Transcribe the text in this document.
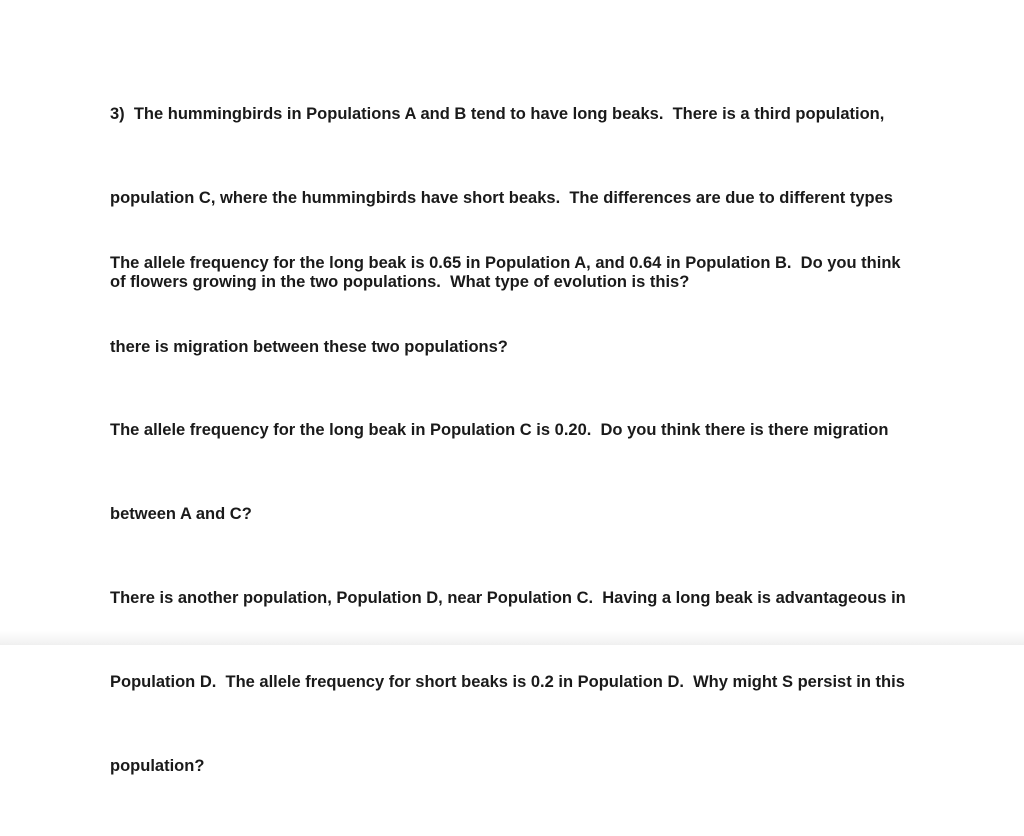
3)  The hummingbirds in Populations A and B tend to have long beaks.  There is a third population,

population C, where the hummingbirds have short beaks.  The differences are due to different types

of flowers growing in the two populations.  What type of evolution is this?

The allele frequency for the long beak is 0.65 in Population A, and 0.64 in Population B.  Do you think

there is migration between these two populations?

The allele frequency for the long beak in Population C is 0.20.  Do you think there is there migration

between A and C?

There is another population, Population D, near Population C.  Having a long beak is advantageous in

Population D.  The allele frequency for short beaks is 0.2 in Population D.  Why might S persist in this

population?
